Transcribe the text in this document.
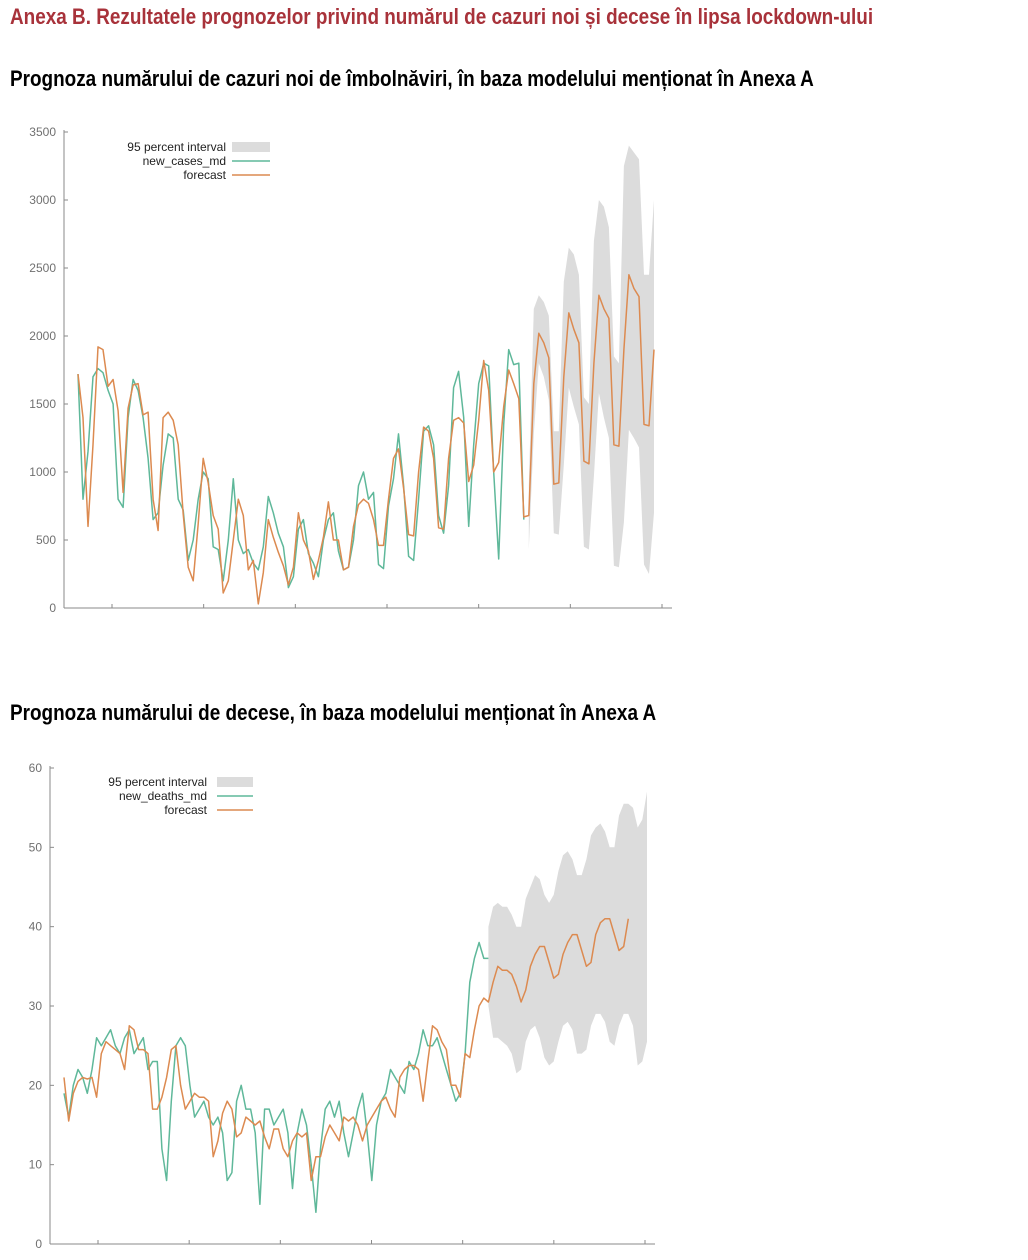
Anexa B. Rezultatele prognozelor privind numărul de cazuri noi și decese în lipsa lockdown-ului
Prognoza numărului de cazuri noi de îmbolnăviri, în baza modelului menționat în Anexa A
0
500
1000
1500
2000
2500
3000
3500
95 percent interval
new_cases_md
forecast
Prognoza numărului de decese, în baza modelului menționat în Anexa A
0
10
20
30
40
50
60
95 percent interval
new_deaths_md
forecast
